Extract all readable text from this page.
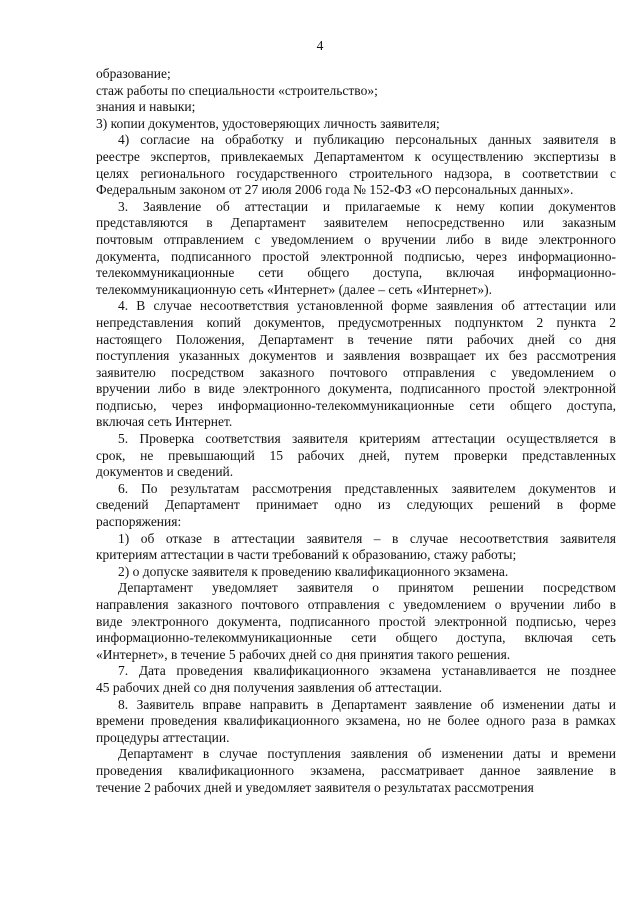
4
образование;
стаж работы по специальности «строительство»;
знания и навыки;
3) копии документов, удостоверяющих личность заявителя;
4) согласие на обработку и публикацию персональных данных заявителя в
реестре экспертов, привлекаемых Департаментом к осуществлению экспертизы в
целях регионального государственного строительного надзора, в соответствии с
Федеральным законом от 27 июля 2006 года № 152-ФЗ «О персональных данных».
3. Заявление об аттестации и прилагаемые к нему копии документов
представляются в Департамент заявителем непосредственно или заказным
почтовым отправлением с уведомлением о вручении либо в виде электронного
документа, подписанного простой электронной подписью, через информационно-
телекоммуникационные сети общего доступа, включая информационно-
телекоммуникационную сеть «Интернет» (далее – сеть «Интернет»).
4. В случае несоответствия установленной форме заявления об аттестации или
непредставления копий документов, предусмотренных подпунктом 2 пункта 2
настоящего Положения, Департамент в течение пяти рабочих дней со дня
поступления указанных документов и заявления возвращает их без рассмотрения
заявителю посредством заказного почтового отправления с уведомлением о
вручении либо в виде электронного документа, подписанного простой электронной
подписью, через информационно-телекоммуникационные сети общего доступа,
включая сеть Интернет.
5. Проверка соответствия заявителя критериям аттестации осуществляется в
срок, не превышающий 15 рабочих дней, путем проверки представленных
документов и сведений.
6. По результатам рассмотрения представленных заявителем документов и
сведений Департамент принимает одно из следующих решений в форме
распоряжения:
1) об отказе в аттестации заявителя – в случае несоответствия заявителя
критериям аттестации в части требований к образованию, стажу работы;
2) о допуске заявителя к проведению квалификационного экзамена.
Департамент уведомляет заявителя о принятом решении посредством
направления заказного почтового отправления с уведомлением о вручении либо в
виде электронного документа, подписанного простой электронной подписью, через
информационно-телекоммуникационные сети общего доступа, включая сеть
«Интернет», в течение 5 рабочих дней со дня принятия такого решения.
7. Дата проведения квалификационного экзамена устанавливается не позднее
45 рабочих дней со дня получения заявления об аттестации.
8. Заявитель вправе направить в Департамент заявление об изменении даты и
времени проведения квалификационного экзамена, но не более одного раза в рамках
процедуры аттестации.
Департамент в случае поступления заявления об изменении даты и времени
проведения квалификационного экзамена, рассматривает данное заявление в
течение 2 рабочих дней и уведомляет заявителя о результатах рассмотрения
